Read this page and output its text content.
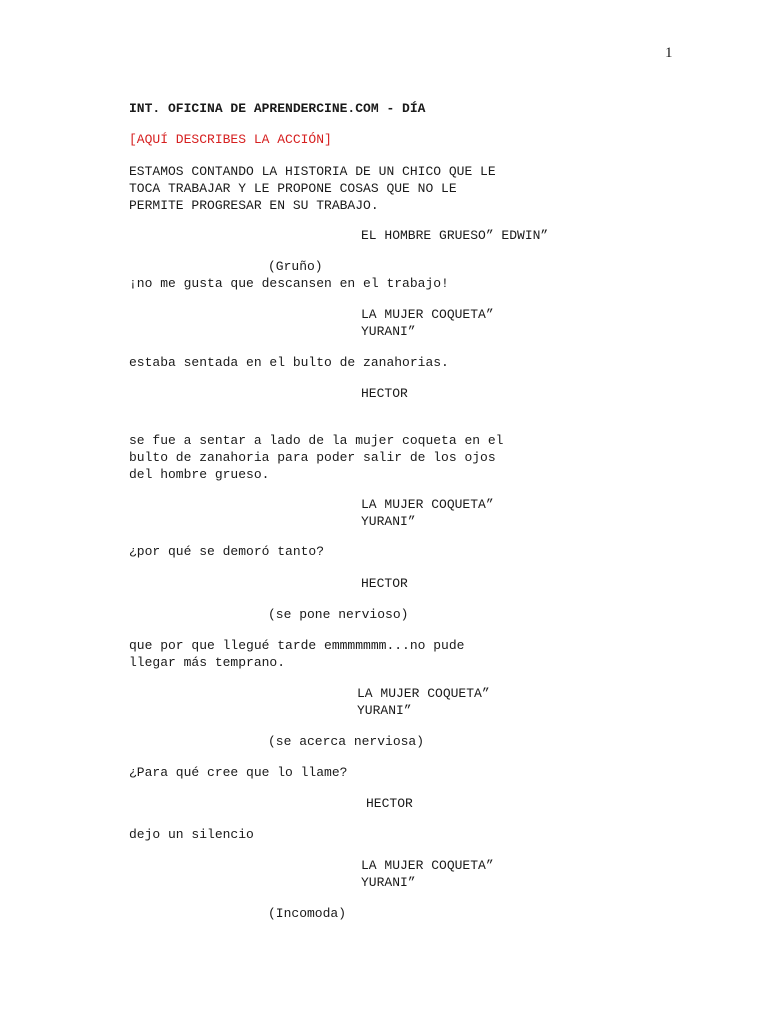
1
INT. OFICINA DE APRENDERCINE.COM - DÍA
[AQUÍ DESCRIBES LA ACCIÓN]
ESTAMOS CONTANDO LA HISTORIA DE UN CHICO QUE LE
TOCA TRABAJAR Y LE PROPONE COSAS QUE NO LE
PERMITE PROGRESAR EN SU TRABAJO.
EL HOMBRE GRUESO” EDWIN”
(Gruño)
¡no me gusta que descansen en el trabajo!
LA MUJER COQUETA”
YURANI”
estaba sentada en el bulto de zanahorias.
HECTOR
se fue a sentar a lado de la mujer coqueta en el
bulto de zanahoria para poder salir de los ojos
del hombre grueso.
LA MUJER COQUETA”
YURANI”
¿por qué se demoró tanto?
HECTOR
(se pone nervioso)
que por que llegué tarde emmmmmmm...no pude
llegar más temprano.
LA MUJER COQUETA”
YURANI”
(se acerca nerviosa)
¿Para qué cree que lo llame?
HECTOR
dejo un silencio
LA MUJER COQUETA”
YURANI”
(Incomoda)
